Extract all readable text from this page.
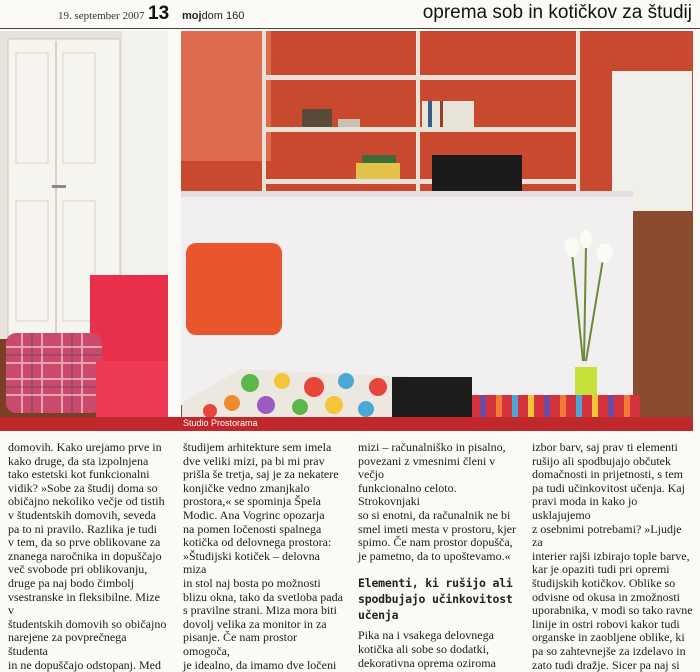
19. september 2007 13 mojdom 160	oprema sob in kotičkov za študij
Studio Prostorama

domovih. Kako urejamo prve in

kako druge, da sta izpolnjena

tako estetski kot funkcionalni

vidik? »Sobe za študij doma so

običajno nekoliko večje od tistih

v študentskih domovih, seveda

pa to ni pravilo. Razlika je tudi

v tem, da so prve oblikovane za

znanega naročnika in dopuščajo

več svobode pri oblikovanju,

druge pa naj bodo čimbolj

vsestranske in fleksibilne. Mize v

študentskih domovih so običajno

narejene za povprečnega študenta

in ne dopuščajo odstopanj. Med

študijem arhitekture sem imela

dve veliki mizi, pa bi mi prav

prišla še tretja, saj je za nekatere

konjičke vedno zmanjkalo

prostora,« se spominja Špela

Modic. Ana Vogrinc opozarja

na pomen ločenosti spalnega

kotička od delovnega prostora:

»Študijski kotiček – delovna miza

in stol naj bosta po možnosti

blizu okna, tako da svetloba pada

s pravilne strani. Miza mora biti

dovolj velika za monitor in za

pisanje. Če nam prostor omogoča,

je idealno, da imamo dve ločeni

mizi – računalniško in pisalno,

povezani z vmesnimi členi v večjo

funkcionalno celoto. Strokovnjaki

so si enotni, da računalnik ne bi

smel imeti mesta v prostoru, kjer

spimo. Če nam prostor dopušča,

je pametno, da to upoštevamo.«

Elementi, ki rušijo ali spodbujajo učinkovitost učenja

Pika na i vsakega delovnega

kotička ali sobe so dodatki,

dekorativna oprema oziroma

izbor barv, saj prav ti elementi

rušijo ali spodbujajo občutek

domačnosti in prijetnosti, s tem

pa tudi učinkovitost učenja. Kaj

pravi moda in kako jo usklajujemo

z osebnimi potrebami? »Ljudje za

interier rajši izbirajo tople barve,

kar je opaziti tudi pri opremi

študijskih kotičkov. Oblike so

odvisne od okusa in zmožnosti

uporabnika, v modi so tako ravne

linije in ostri robovi kakor tudi

organske in zaobljene oblike, ki

pa so zahtevnejše za izdelavo in

zato tudi dražje. Sicer pa naj si
